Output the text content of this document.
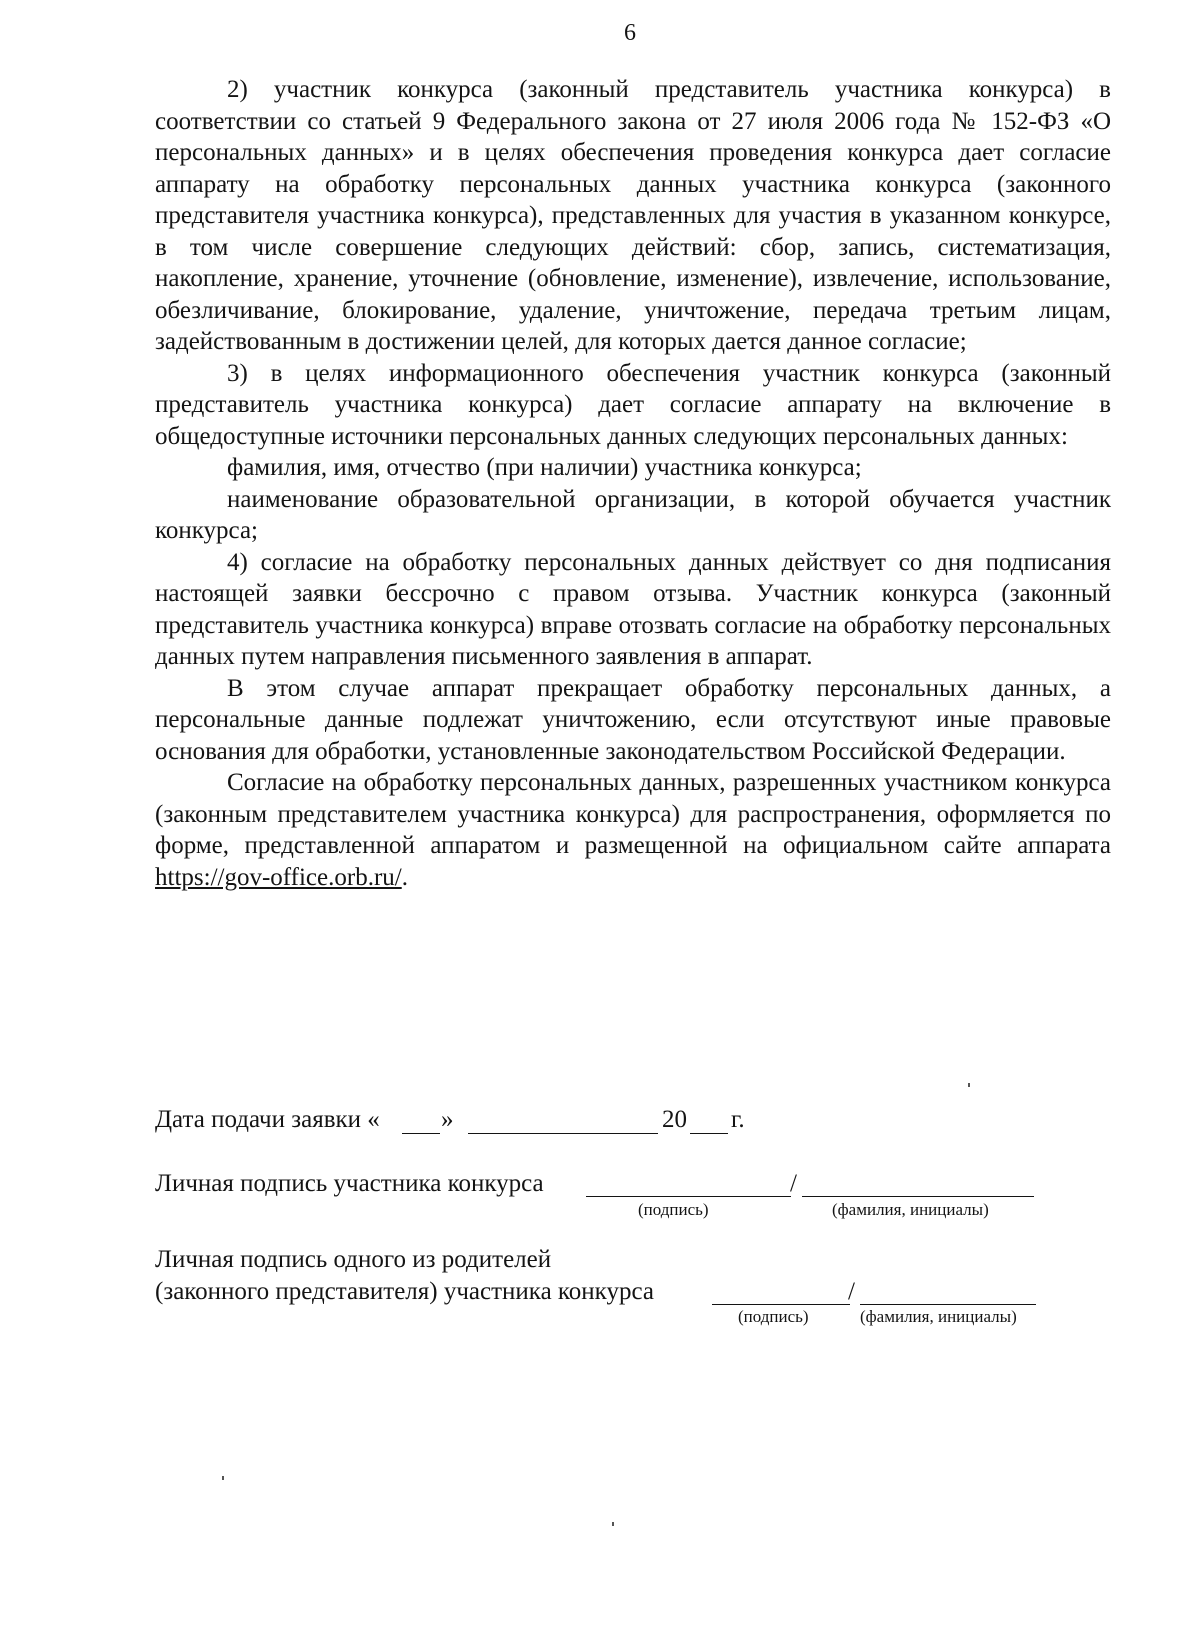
6

2) участник конкурса (законный представитель участника конкурса) в соответствии со статьей 9 Федерального закона от 27 июля 2006 года № 152-ФЗ «О персональных данных» и в целях обеспечения проведения конкурса дает согласие аппарату на обработку персональных данных участника конкурса (законного представителя участника конкурса), представленных для участия в указанном конкурсе, в том числе совершение следующих действий: сбор, запись, систематизация, накопление, хранение, уточнение (обновление, изменение), извлечение, использование, обезличивание, блокирование, удаление, уничтожение, передача третьим лицам, задействованным в достижении целей, для которых дается данное согласие;

3) в целях информационного обеспечения участник конкурса (законный представитель участника конкурса) дает согласие аппарату на включение в общедоступные источники персональных данных следующих персональных данных:

фамилия, имя, отчество (при наличии) участника конкурса;

наименование образовательной организации, в которой обучается участник конкурса;

4) согласие на обработку персональных данных действует со дня подписания настоящей заявки бессрочно с правом отзыва. Участник конкурса (законный представитель участника конкурса) вправе отозвать согласие на обработку персональных данных путем направления письменного заявления в аппарат.

В этом случае аппарат прекращает обработку персональных данных, а персональные данные подлежат уничтожению, если отсутствуют иные правовые основания для обработки, установленные законодательством Российской Федерации.

Согласие на обработку персональных данных, разрешенных участником конкурса (законным представителем участника конкурса) для распространения, оформляется по форме, представленной аппаратом и размещенной на официальном сайте аппарата https://gov-office.orb.ru/.

Дата подачи заявки « »	20 г.
Личная подпись участника конкурса	/
(подпись)	(фамилия, инициалы)
Личная подпись одного из родителей
(законного представителя) участника конкурса	/
(подпись)	(фамилия, инициалы)
